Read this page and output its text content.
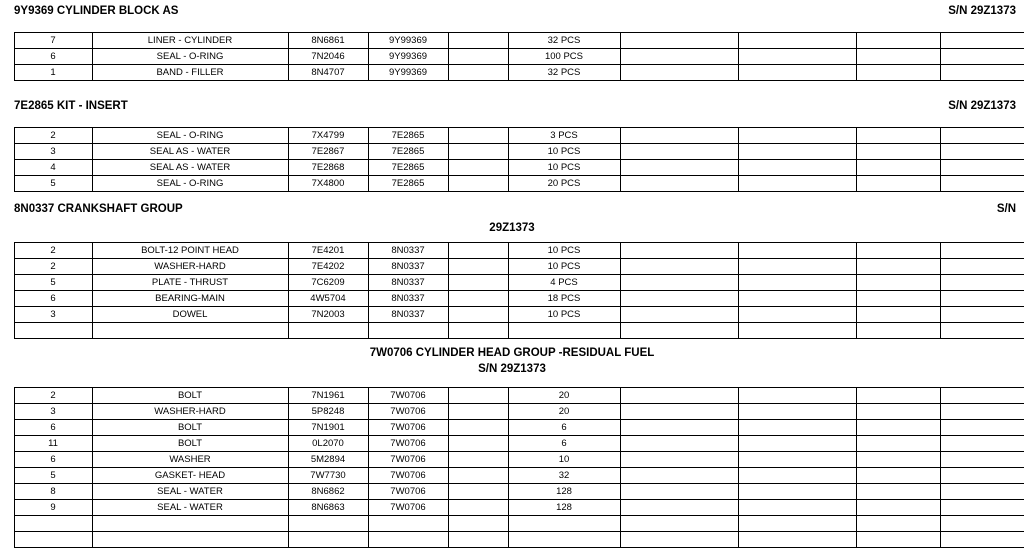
9Y9369 CYLINDER BLOCK AS	S/N 29Z1373
	7	LINER - CYLINDER	8N6861	9Y99369		32 PCS				
	6	SEAL - O-RING	7N2046	9Y99369		100 PCS				
	1	BAND - FILLER	8N4707	9Y99369		32 PCS				
7E2865 KIT - INSERT	S/N 29Z1373
	2	SEAL - O-RING	7X4799	7E2865		3 PCS				
	3	SEAL AS - WATER	7E2867	7E2865		10 PCS				
	4	SEAL AS - WATER	7E2868	7E2865		10 PCS				
	5	SEAL - O-RING	7X4800	7E2865		20 PCS				
8N0337 CRANKSHAFT GROUP	S/N
29Z1373
	2	BOLT-12 POINT HEAD	7E4201	8N0337		10 PCS				
	2	WASHER-HARD	7E4202	8N0337		10 PCS				
	5	PLATE - THRUST	7C6209	8N0337		4 PCS				
	6	BEARING-MAIN	4W5704	8N0337		18 PCS				
	3	DOWEL	7N2003	8N0337		10 PCS				

7W0706 CYLINDER HEAD GROUP -RESIDUAL FUEL
S/N 29Z1373
	2	BOLT	7N1961	7W0706		20				
	3	WASHER-HARD	5P8248	7W0706		20				
	6	BOLT	7N1901	7W0706		6				
	11	BOLT	0L2070	7W0706		6				
	6	WASHER	5M2894	7W0706		10				
	5	GASKET- HEAD	7W7730	7W0706		32				
	8	SEAL - WATER	8N6862	7W0706		128				
	9	SEAL - WATER	8N6863	7W0706		128				
